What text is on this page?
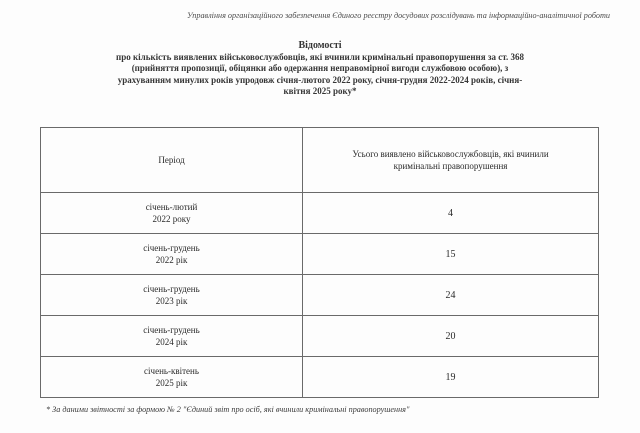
Управління організаційного забезпечення Єдиного реєстру досудових розслідувань та інформаційно-аналітичної роботи
Відомості
про кількість виявлених військовослужбовців, які вчинили кримінальні правопорушення за ст. 368
(прийняття пропозиції, обіцянки або одержання неправомірної вигоди службовою особою), з
урахуванням минулих років упродовж січня-лютого 2022 року, січня-грудня 2022-2024 років, січня-
квітня 2025 року*
Період	Усього виявлено військовослужбовців, які вчинили
кримінальні правопорушення

січень-лютий
2022 року	4

січень-грудень
2022 рік	15

січень-грудень
2023 рік	24

січень-грудень
2024 рік	20

січень-квітень
2025 рік	19
* За даними звітності за формою № 2 "Єдиний звіт про осіб, які вчинили кримінальні правопорушення"
